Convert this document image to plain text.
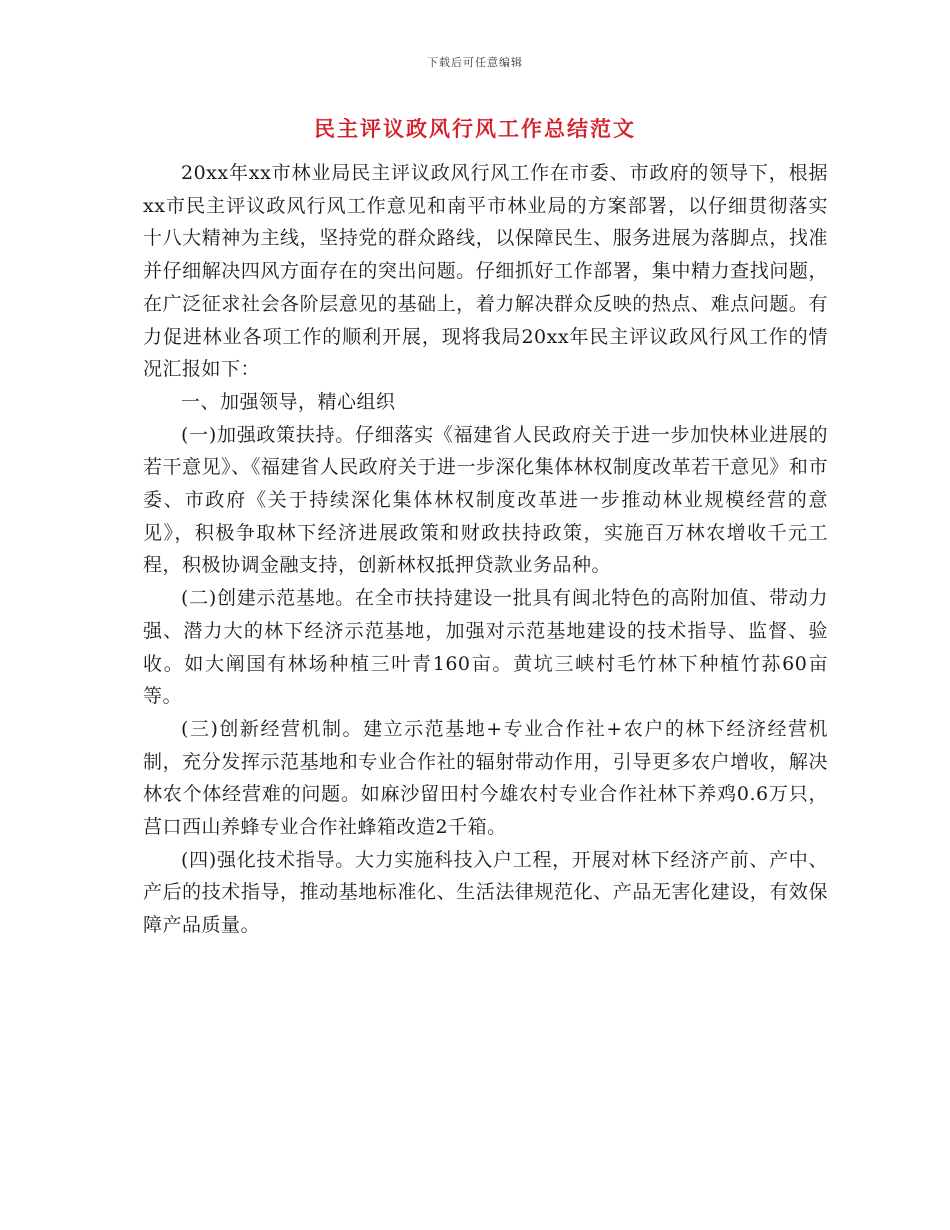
下载后可任意编辑
民主评议政风行风工作总结范文

20xx年xx市林业局民主评议政风行风工作在市委、市政府的领导下，根据xx市民主评议政风行风工作意见和南平市林业局的方案部署，以仔细贯彻落实十八大精神为主线，坚持党的群众路线，以保障民生、服务进展为落脚点，找准并仔细解决四风方面存在的突出问题。仔细抓好工作部署，集中精力查找问题，在广泛征求社会各阶层意见的基础上，着力解决群众反映的热点、难点问题。有力促进林业各项工作的顺利开展，现将我局20xx年民主评议政风行风工作的情况汇报如下：

一、加强领导，精心组织

(一)加强政策扶持。仔细落实《福建省人民政府关于进一步加快林业进展的若干意见》、《福建省人民政府关于进一步深化集体林权制度改革若干意见》和市委、市政府《关于持续深化集体林权制度改革进一步推动林业规模经营的意见》，积极争取林下经济进展政策和财政扶持政策，实施百万林农增收千元工程，积极协调金融支持，创新林权抵押贷款业务品种。

(二)创建示范基地。在全市扶持建设一批具有闽北特色的高附加值、带动力强、潜力大的林下经济示范基地，加强对示范基地建设的技术指导、监督、验收。如大阐国有林场种植三叶青160亩。黄坑三峡村毛竹林下种植竹荪60亩等。

(三)创新经营机制。建立示范基地+专业合作社+农户的林下经济经营机制，充分发挥示范基地和专业合作社的辐射带动作用，引导更多农户增收，解决林农个体经营难的问题。如麻沙留田村今雄农村专业合作社林下养鸡0.6万只，莒口西山养蜂专业合作社蜂箱改造2千箱。

(四)强化技术指导。大力实施科技入户工程，开展对林下经济产前、产中、产后的技术指导，推动基地标准化、生活法律规范化、产品无害化建设，有效保障产品质量。
